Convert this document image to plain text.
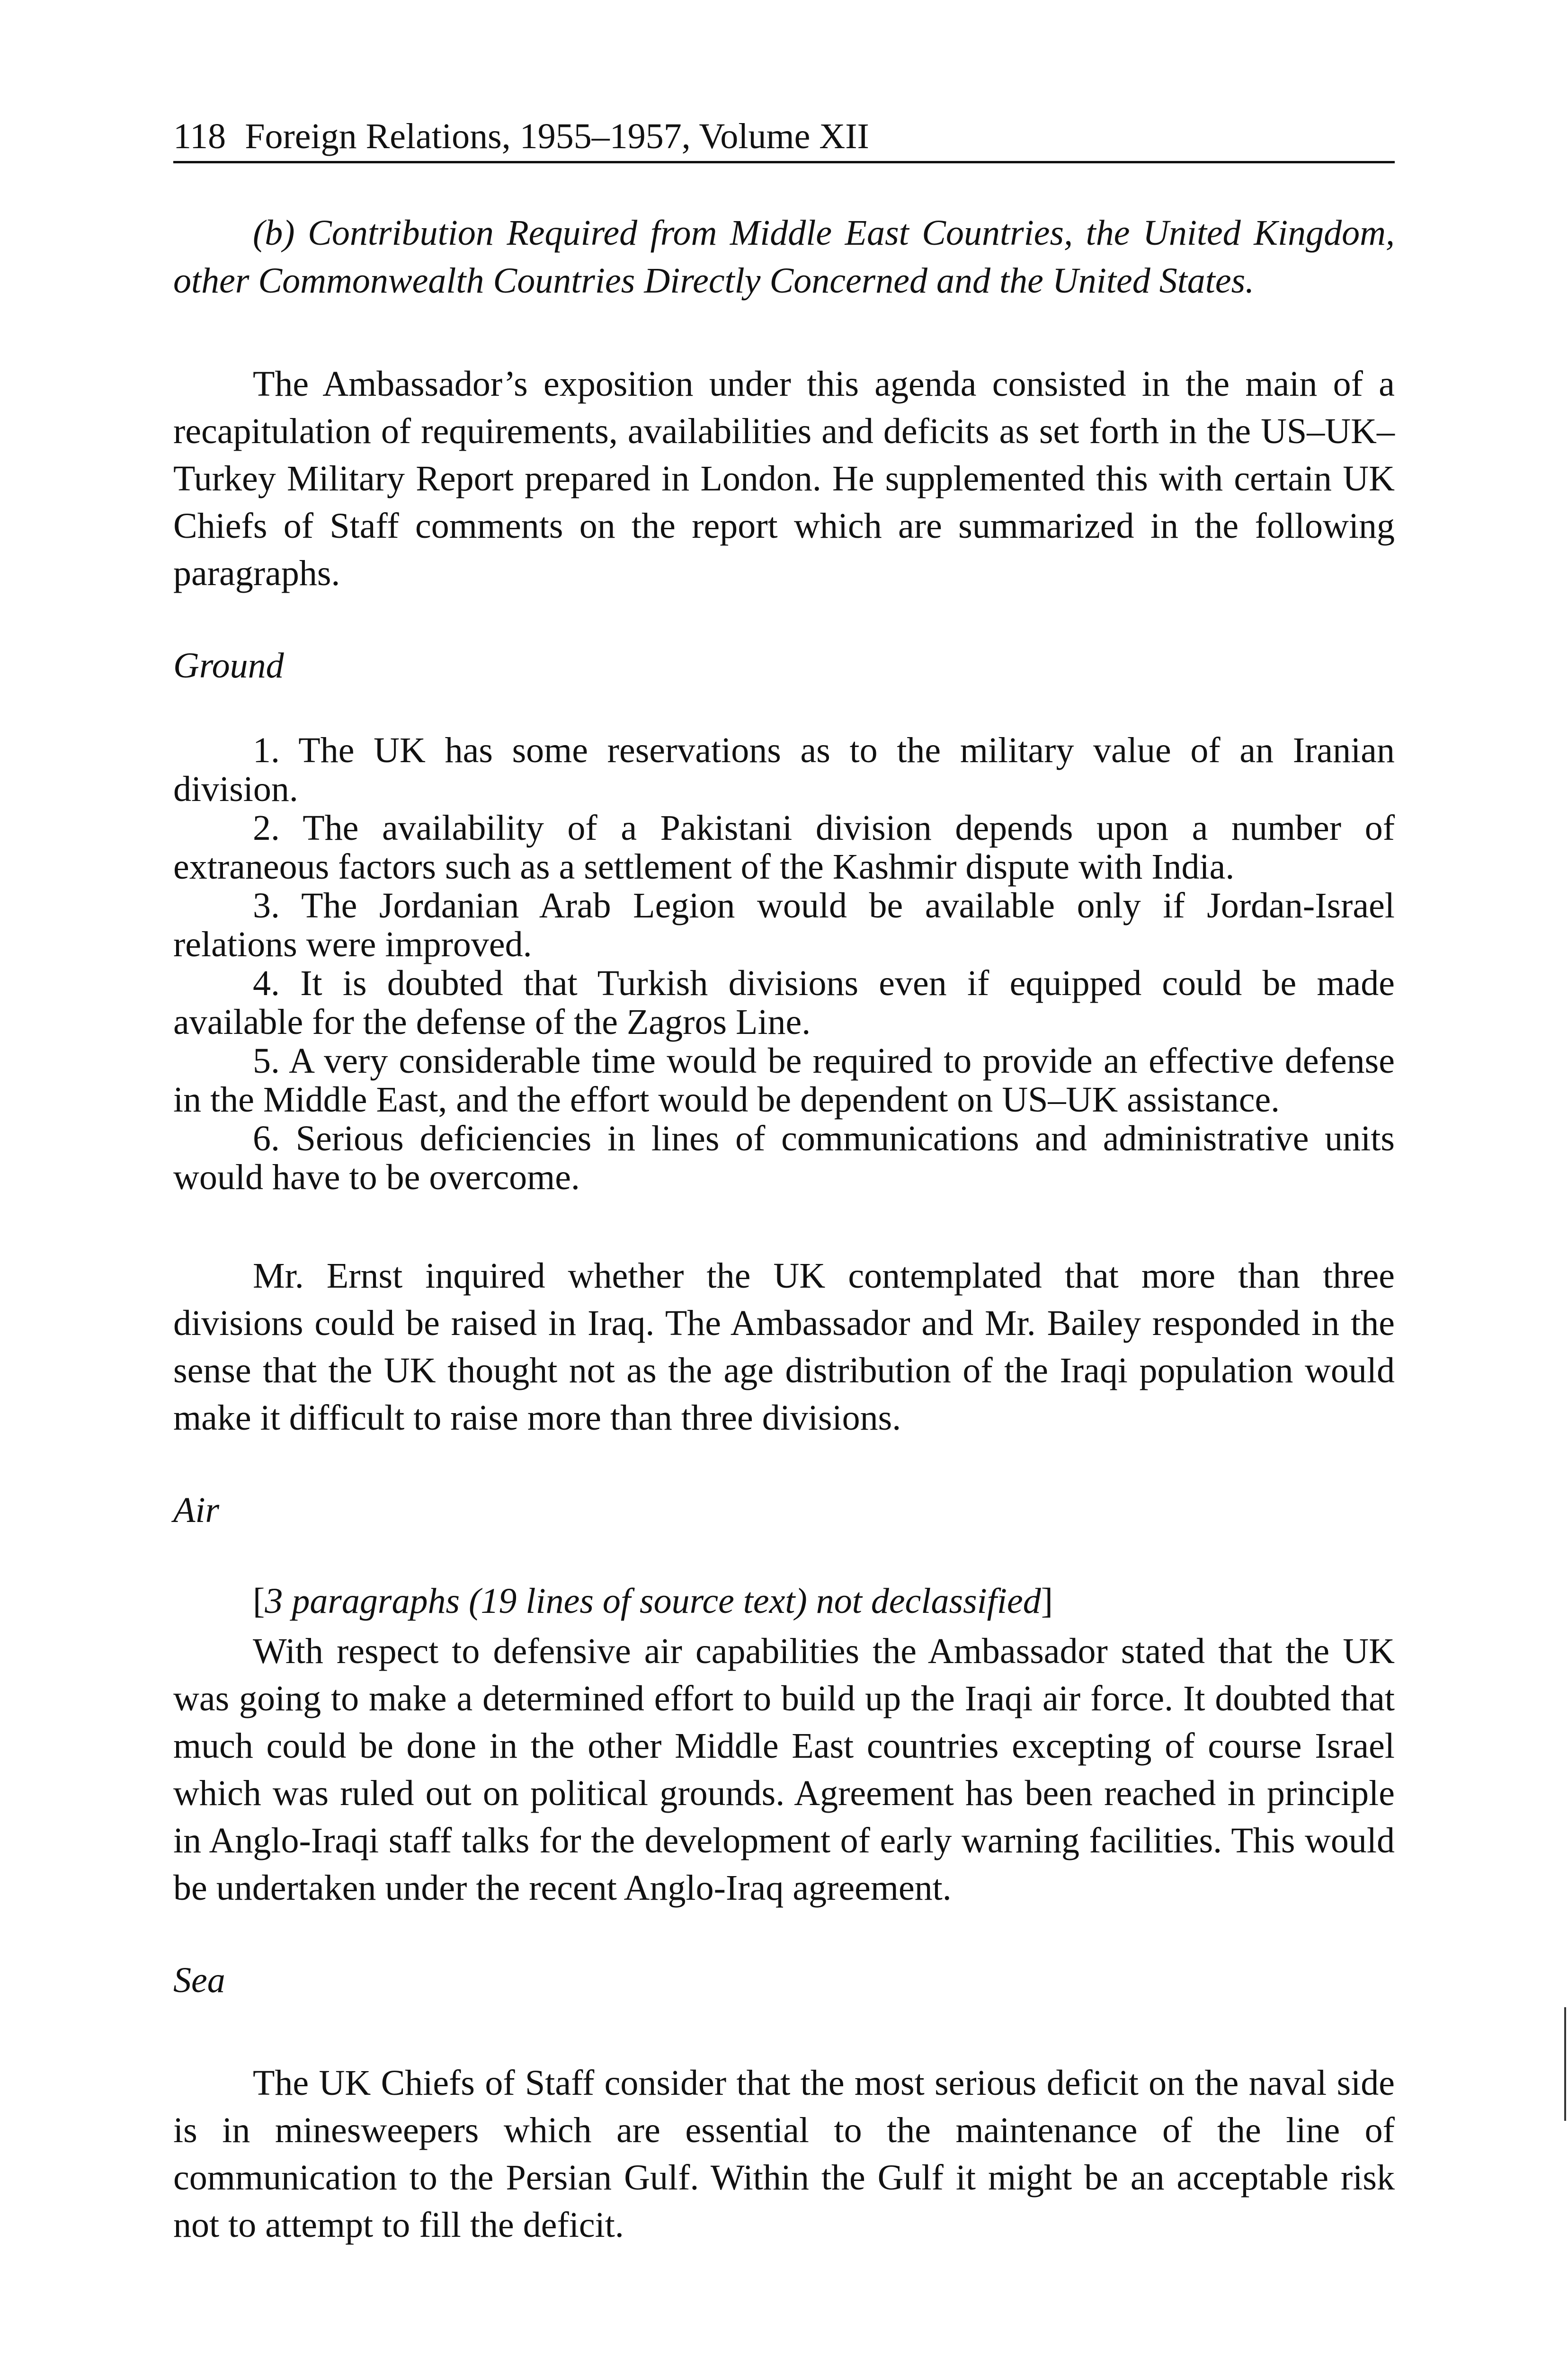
118 Foreign Relations, 1955–1957, Volume XII

(b) Contribution Required from Middle East Countries, the United Kingdom, other Commonwealth Countries Directly Concerned and the United States.

The Ambassador’s exposition under this agenda consisted in the main of a recapitulation of requirements, availabilities and deficits as set forth in the US–UK–Turkey Military Report prepared in London. He supplemented this with certain UK Chiefs of Staff comments on the report which are summarized in the following paragraphs.

Ground

1. The UK has some reservations as to the military value of an Iranian division.

2. The availability of a Pakistani division depends upon a number of extraneous factors such as a settlement of the Kashmir dispute with India.

3. The Jordanian Arab Legion would be available only if Jordan-Israel relations were improved.

4. It is doubted that Turkish divisions even if equipped could be made available for the defense of the Zagros Line.

5. A very considerable time would be required to provide an effective defense in the Middle East, and the effort would be dependent on US–UK assistance.

6. Serious deficiencies in lines of communications and administrative units would have to be overcome.

Mr. Ernst inquired whether the UK contemplated that more than three divisions could be raised in Iraq. The Ambassador and Mr. Bailey responded in the sense that the UK thought not as the age distribution of the Iraqi population would make it difficult to raise more than three divisions.

Air

[3 paragraphs (19 lines of source text) not declassified]

With respect to defensive air capabilities the Ambassador stated that the UK was going to make a determined effort to build up the Iraqi air force. It doubted that much could be done in the other Middle East countries excepting of course Israel which was ruled out on political grounds. Agreement has been reached in principle in Anglo-Iraqi staff talks for the development of early warning facilities. This would be undertaken under the recent Anglo-Iraq agreement.

Sea

The UK Chiefs of Staff consider that the most serious deficit on the naval side is in minesweepers which are essential to the maintenance of the line of communication to the Persian Gulf. Within the Gulf it might be an acceptable risk not to attempt to fill the deficit.
